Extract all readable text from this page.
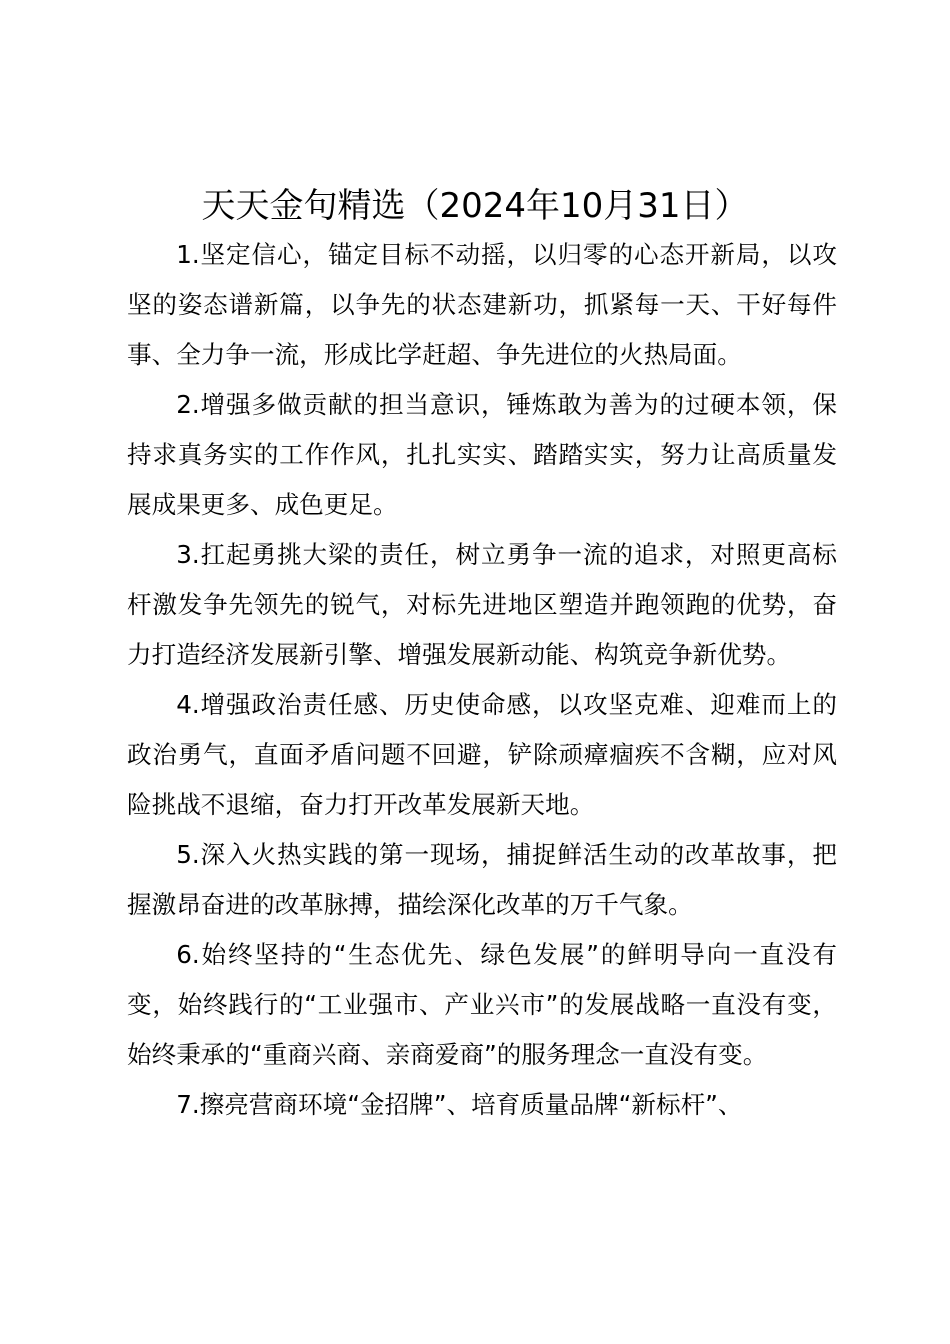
天天金句精选（2024年10月31日）

1.坚定信心，锚定目标不动摇，以归零的心态开新局，以攻坚的姿态谱新篇，以争先的状态建新功，抓紧每一天、干好每件事、全力争一流，形成比学赶超、争先进位的火热局面。

2.增强多做贡献的担当意识，锤炼敢为善为的过硬本领，保持求真务实的工作作风，扎扎实实、踏踏实实，努力让高质量发展成果更多、成色更足。

3.扛起勇挑大梁的责任，树立勇争一流的追求，对照更高标杆激发争先领先的锐气，对标先进地区塑造并跑领跑的优势，奋力打造经济发展新引擎、增强发展新动能、构筑竞争新优势。

4.增强政治责任感、历史使命感，以攻坚克难、迎难而上的政治勇气，直面矛盾问题不回避，铲除顽瘴痼疾不含糊，应对风险挑战不退缩，奋力打开改革发展新天地。

5.深入火热实践的第一现场，捕捉鲜活生动的改革故事，把握激昂奋进的改革脉搏，描绘深化改革的万千气象。

6.始终坚持的“生态优先、绿色发展”的鲜明导向一直没有变，始终践行的“工业强市、产业兴市”的发展战略一直没有变，始终秉承的“重商兴商、亲商爱商”的服务理念一直没有变。

7.擦亮营商环境“金招牌”、培育质量品牌“新标杆”、
